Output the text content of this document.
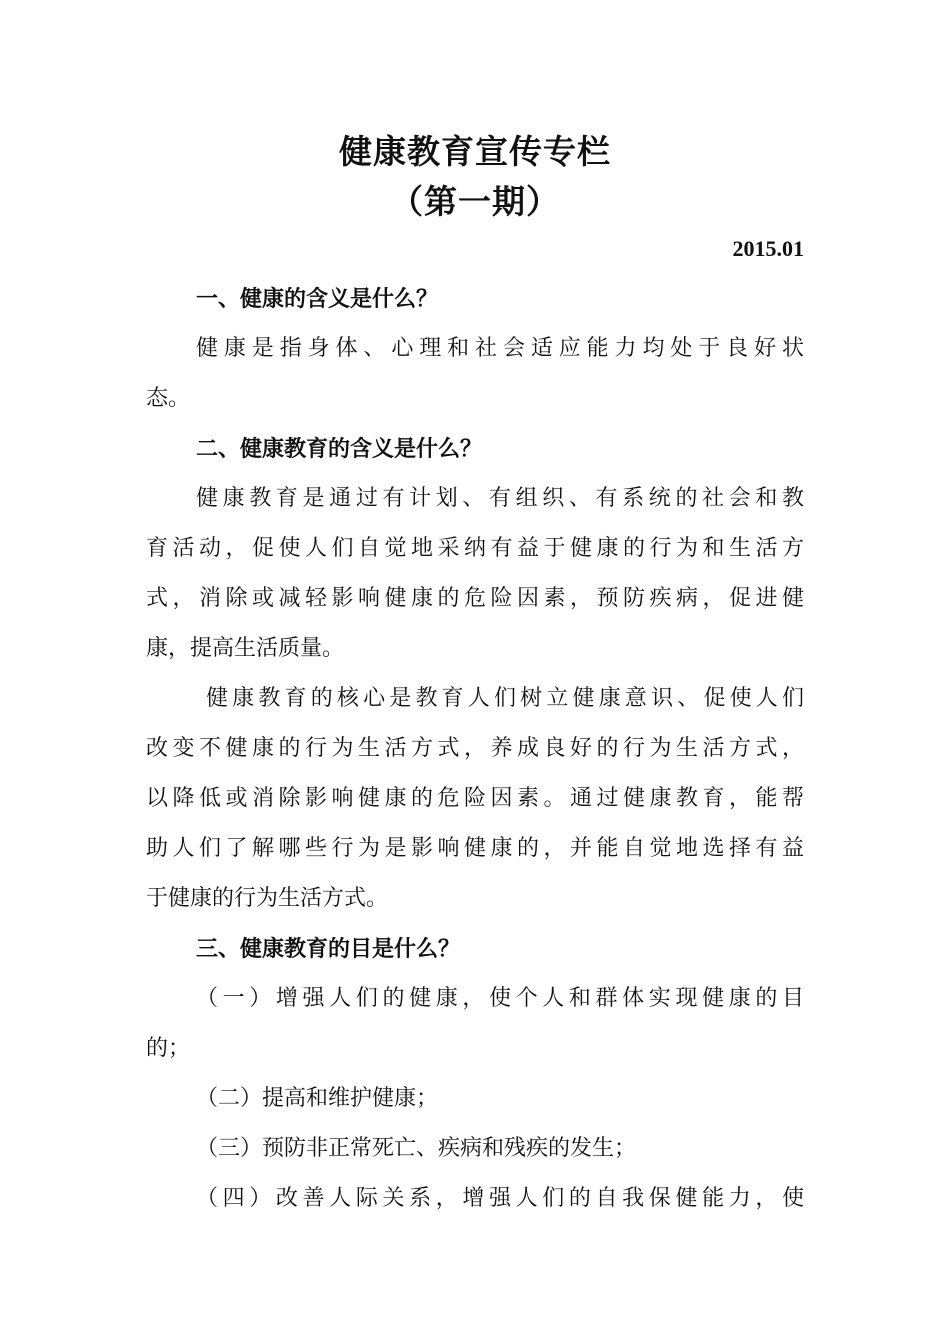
健康教育宣传专栏
（第一期）
2015.01
一、健康的含义是什么？
健康是指身体、心理和社会适应能力均处于良好状
态。
二、健康教育的含义是什么？
健康教育是通过有计划、有组织、有系统的社会和教
育活动，促使人们自觉地采纳有益于健康的行为和生活方
式，消除或减轻影响健康的危险因素，预防疾病，促进健
康，提高生活质量。
健康教育的核心是教育人们树立健康意识、促使人们
改变不健康的行为生活方式，养成良好的行为生活方式，
以降低或消除影响健康的危险因素。通过健康教育，能帮
助人们了解哪些行为是影响健康的，并能自觉地选择有益
于健康的行为生活方式。
三、健康教育的目是什么？
（一）增强人们的健康，使个人和群体实现健康的目
的；
（二）提高和维护健康；
（三）预防非正常死亡、疾病和残疾的发生；
（四）改善人际关系，增强人们的自我保健能力，使
